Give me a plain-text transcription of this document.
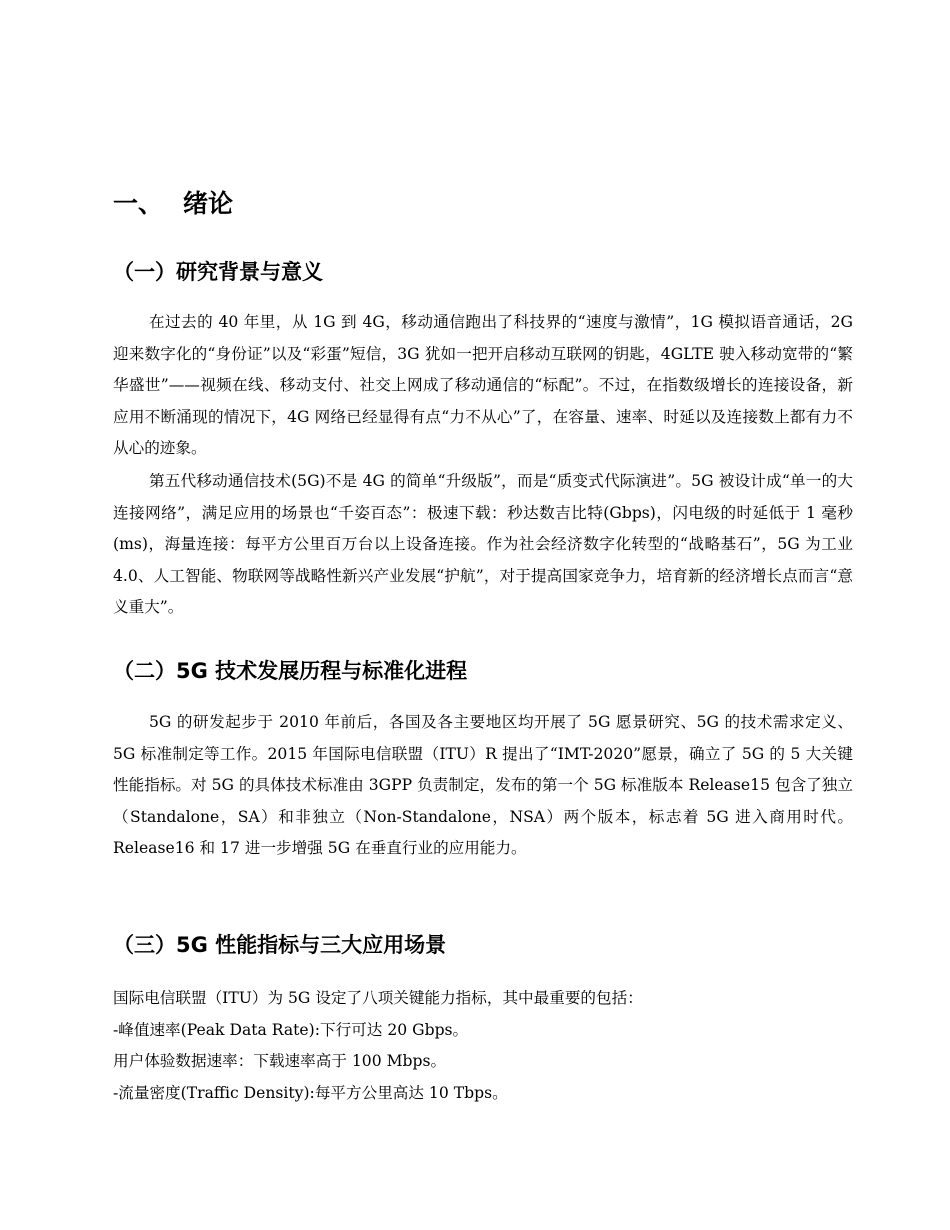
一、 绪论
（一）研究背景与意义

在过去的 40 年里，从 1G 到 4G，移动通信跑出了科技界的“速度与激情”，1G 模拟语音通话，2G 迎来数字化的“身份证”以及“彩蛋”短信，3G 犹如一把开启移动互联网的钥匙，4GLTE 驶入移动宽带的“繁华盛世”——视频在线、移动支付、社交上网成了移动通信的“标配”。不过，在指数级增长的连接设备，新应用不断涌现的情况下，4G 网络已经显得有点“力不从心”了，在容量、速率、时延以及连接数上都有力不从心的迹象。

第五代移动通信技术(5G)不是 4G 的简单“升级版”，而是“质变式代际演进”。5G 被设计成“单一的大连接网络”，满足应用的场景也“千姿百态”：极速下载：秒达数吉比特(Gbps)，闪电级的时延低于 1 毫秒(ms)，海量连接：每平方公里百万台以上设备连接。作为社会经济数字化转型的“战略基石”，5G 为工业 4.0、人工智能、物联网等战略性新兴产业发展“护航”，对于提高国家竞争力，培育新的经济增长点而言“意义重大”。

（二）5G 技术发展历程与标准化进程

5G 的研发起步于 2010 年前后，各国及各主要地区均开展了 5G 愿景研究、5G 的技术需求定义、5G 标准制定等工作。2015 年国际电信联盟（ITU）R 提出了“IMT-2020”愿景，确立了 5G 的 5 大关键性能指标。对 5G 的具体技术标准由 3GPP 负责制定，发布的第一个 5G 标准版本 Release15 包含了独立（Standalone，SA）和非独立（Non-Standalone，NSA）两个版本，标志着 5G 进入商用时代。Release16 和 17 进一步增强 5G 在垂直行业的应用能力。

（三）5G 性能指标与三大应用场景

国际电信联盟（ITU）为 5G 设定了八项关键能力指标，其中最重要的包括：

-峰值速率(Peak Data Rate):下行可达 20 Gbps。

用户体验数据速率：下载速率高于 100 Mbps。

-流量密度(Traffic Density):每平方公里高达 10 Tbps。
